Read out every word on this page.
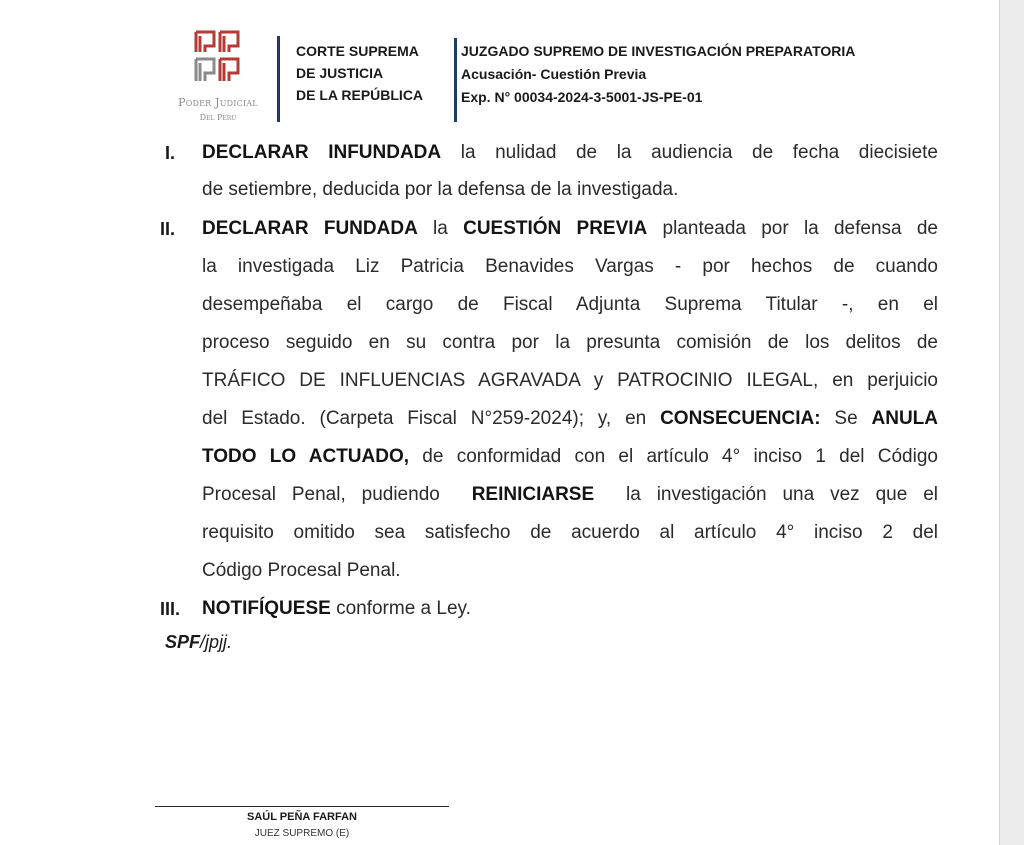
Poder Judicial
Del Perú
CORTE SUPREMA
DE JUSTICIA
DE LA REPÚBLICA
JUZGADO SUPREMO DE INVESTIGACIÓN PREPARATORIA
Acusación- Cuestión Previa
Exp. N° 00034-2024-3-5001-JS-PE-01
I. DECLARAR INFUNDADA la nulidad de la audiencia de fecha diecisiete
de setiembre, deducida por la defensa de la investigada.
II. DECLARAR FUNDADA la CUESTIÓN PREVIA planteada por la defensa de
la investigada Liz Patricia Benavides Vargas - por hechos de cuando
desempeñaba el cargo de Fiscal Adjunta Suprema Titular -, en el
proceso seguido en su contra por la presunta comisión de los delitos de
TRÁFICO DE INFLUENCIAS AGRAVADA y PATROCINIO ILEGAL, en perjuicio
del Estado. (Carpeta Fiscal N°259-2024); y, en CONSECUENCIA: Se ANULA
TODO LO ACTUADO, de conformidad con el artículo 4° inciso 1 del Código
Procesal Penal, pudiendo  REINICIARSE  la investigación una vez que el
requisito omitido sea satisfecho de acuerdo al artículo 4° inciso 2 del
Código Procesal Penal.
III. NOTIFÍQUESE conforme a Ley.
SPF/jpjj.
SAÚL PEÑA FARFAN
JUEZ SUPREMO (E)
